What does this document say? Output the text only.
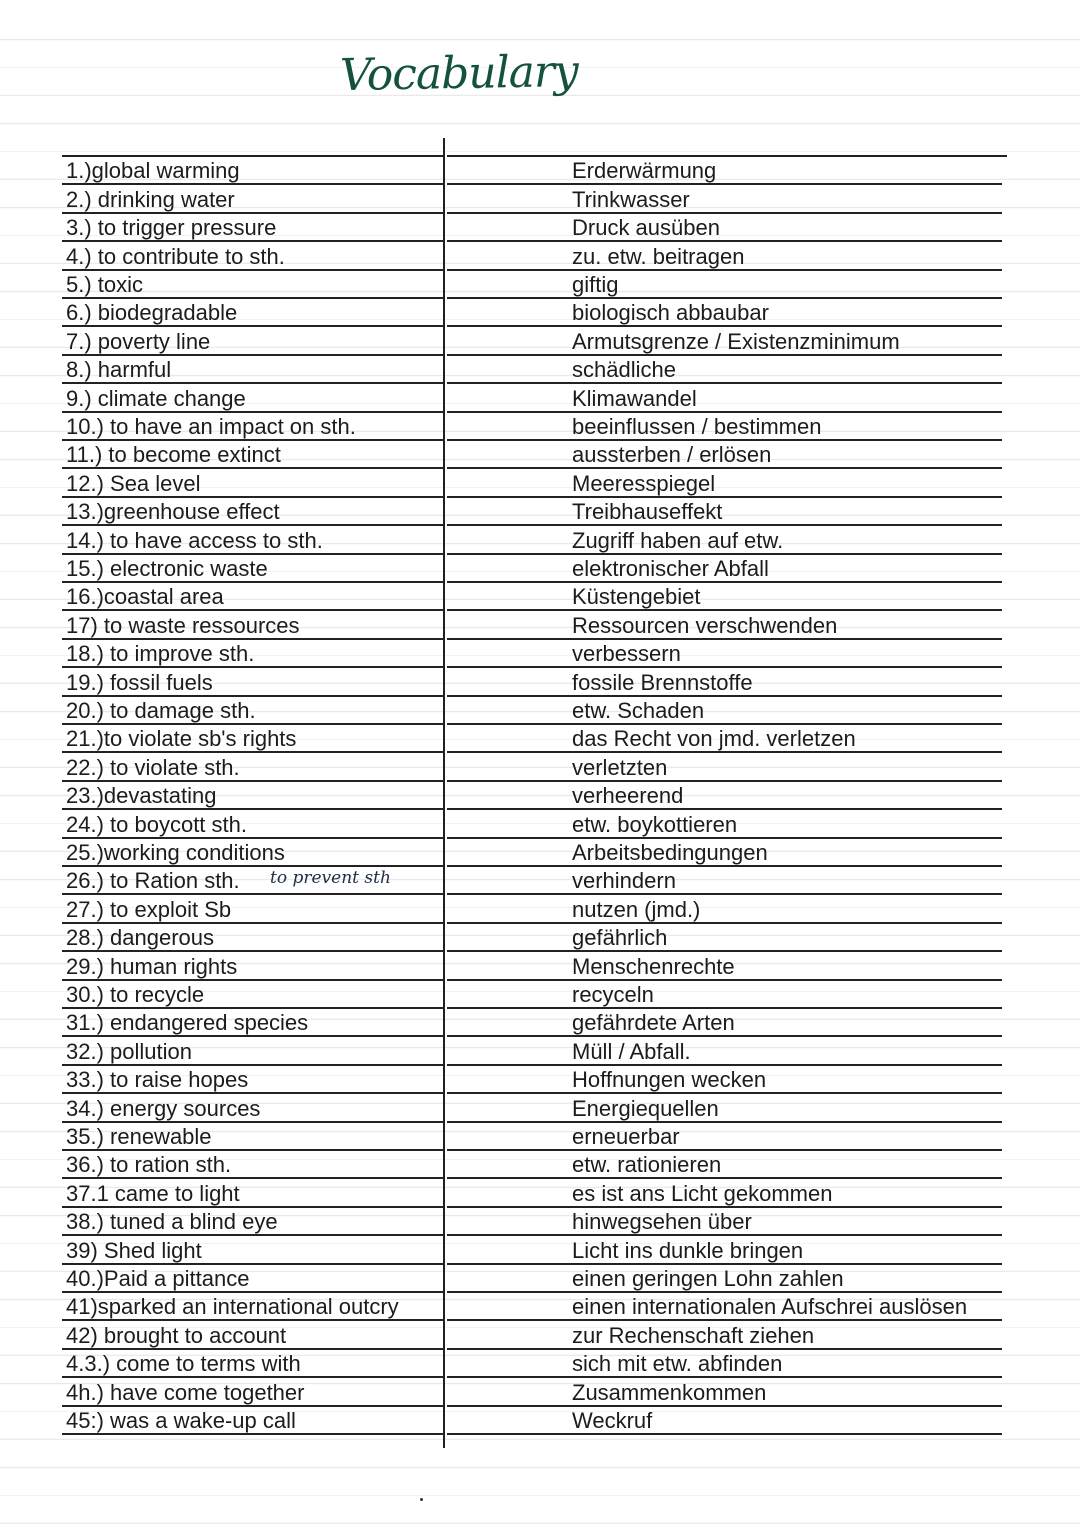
Vocabulary
1.)global warming	Erderwärmung
2.) drinking water	Trinkwasser
3.) to trigger pressure	Druck ausüben
4.) to contribute to sth.	zu. etw. beitragen
5.) toxic	giftig
6.) biodegradable	biologisch abbaubar
7.) poverty line	Armutsgrenze / Existenzminimum
8.) harmful	schädliche
9.) climate change	Klimawandel
10.) to have an impact on sth.	beeinflussen / bestimmen
11.) to become extinct	aussterben / erlösen
12.) Sea level	Meeresspiegel
13.)greenhouse effect	Treibhauseffekt
14.) to have access to sth.	Zugriff haben auf etw.
15.) electronic waste	elektronischer Abfall
16.)coastal area	Küstengebiet
17) to waste ressources	Ressourcen verschwenden
18.) to improve sth.	verbessern
19.) fossil fuels	fossile Brennstoffe
20.) to damage sth.	etw. Schaden
21.)to violate sb's rights	das Recht von jmd. verletzen
22.) to violate sth.	verletzten
23.)devastating	verheerend
24.) to boycott sth.	etw. boykottieren
25.)working conditions	Arbeitsbedingungen
26.) to Ration sth.	verhindern
27.) to exploit Sb	nutzen (jmd.)
28.) dangerous	gefährlich
29.) human rights	Menschenrechte
30.) to recycle	recyceln
31.) endangered species	gefährdete Arten
32.) pollution	Müll / Abfall.
33.) to raise hopes	Hoffnungen wecken
34.) energy sources	Energiequellen
35.) renewable	erneuerbar
36.) to ration sth.	etw. rationieren
37.1 came to light	es ist ans Licht gekommen
38.) tuned a blind eye	hinwegsehen über
39) Shed light	Licht ins dunkle bringen
40.)Paid a pittance	einen geringen Lohn zahlen
41)sparked an international outcry	einen internationalen Aufschrei auslösen
42) brought to account	zur Rechenschaft ziehen
4.3.) come to terms with	sich mit etw. abfinden
4h.) have come together	Zusammenkommen
45:) was a wake-up call	Weckruf
to prevent sth
